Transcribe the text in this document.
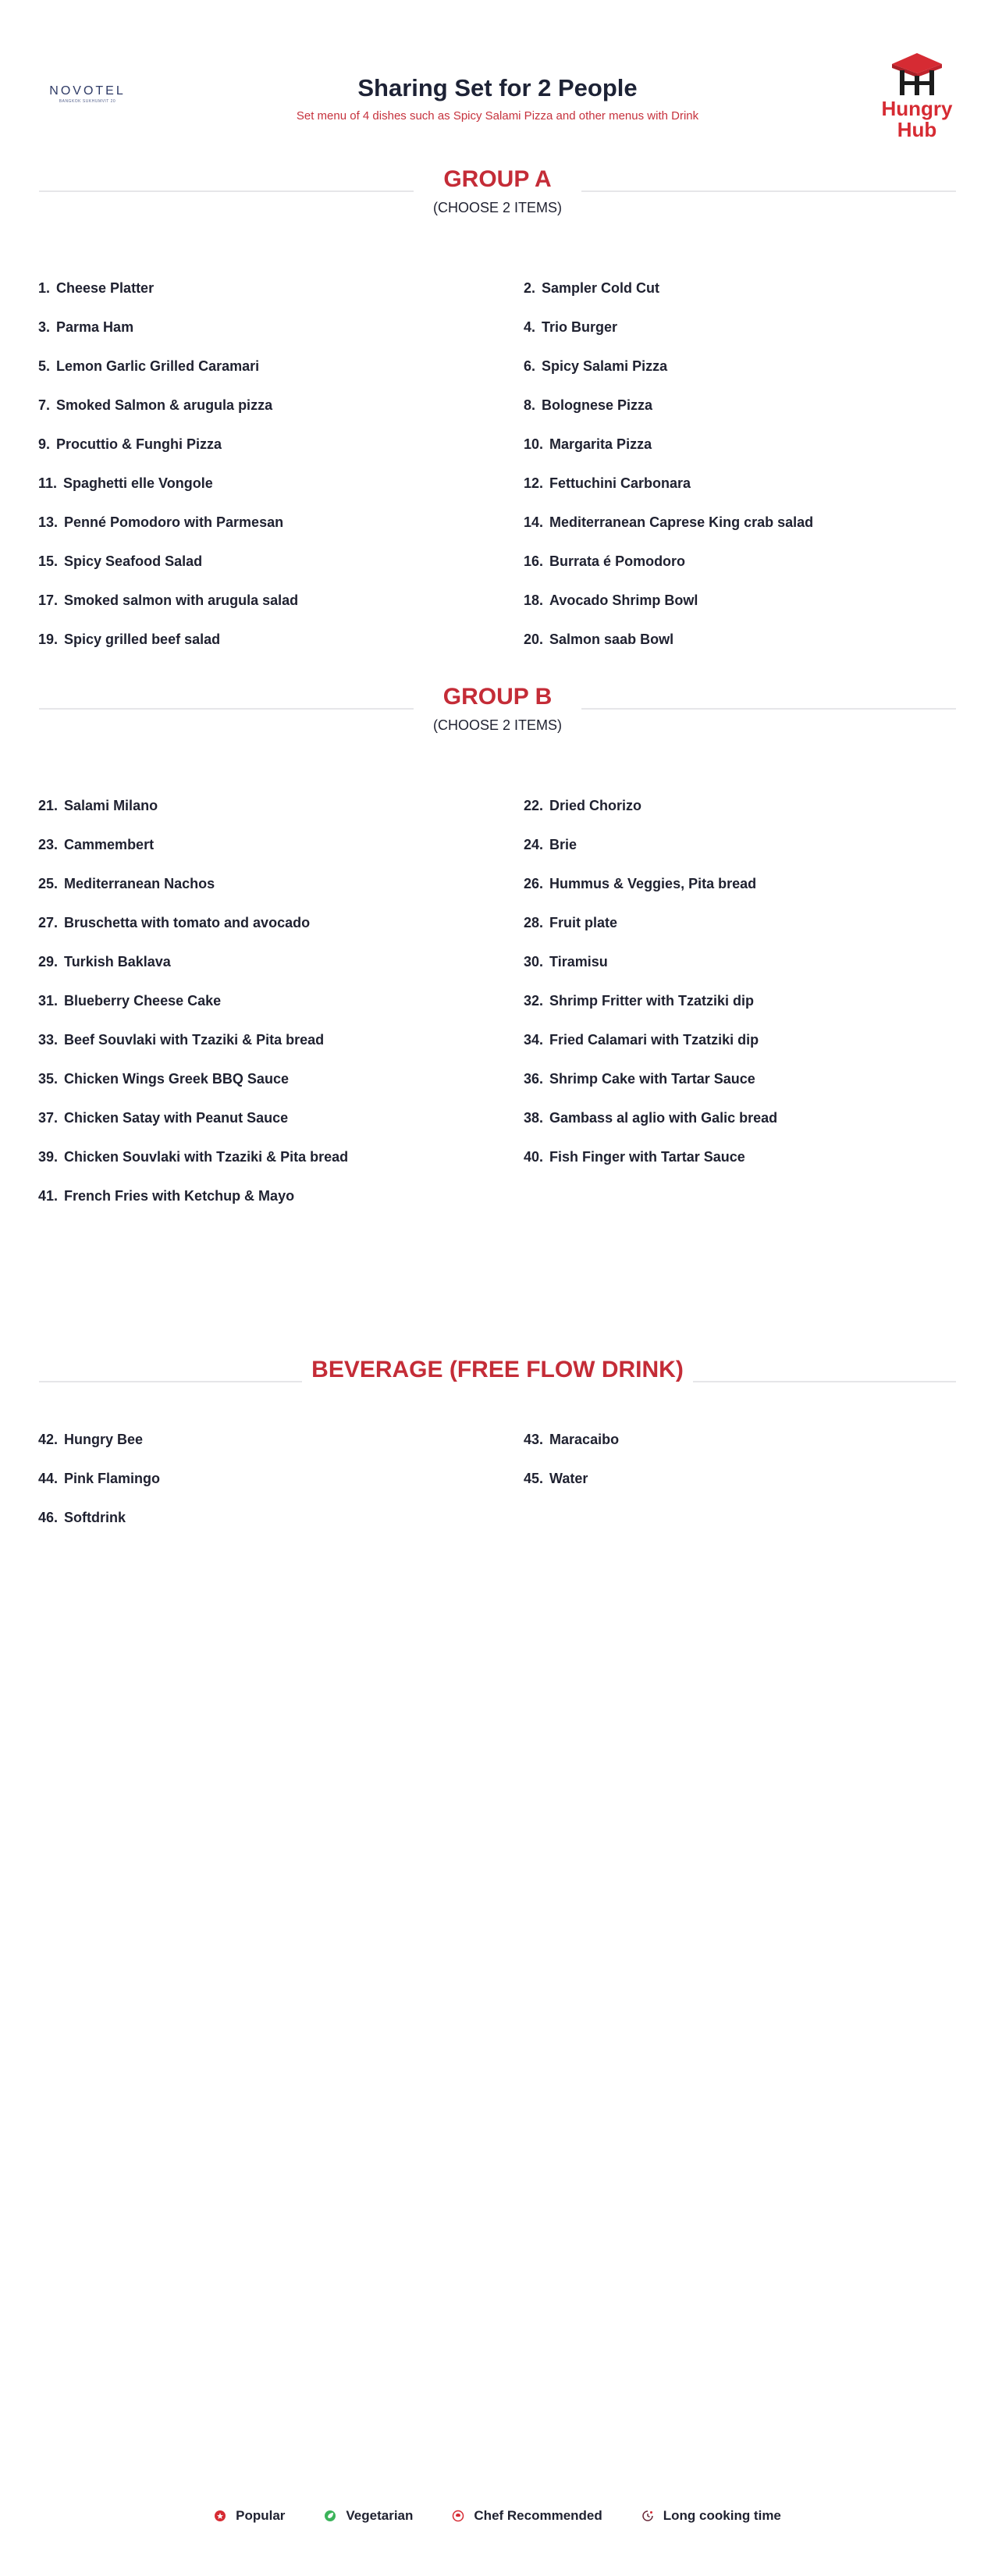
NOVOTEL
BANGKOK SUKHUMVIT 20	Sharing Set for 2 People
Set menu of 4 dishes such as Spicy Salami Pizza and other menus with Drink	Hungry
Hub
GROUP A
(CHOOSE 2 ITEMS)
1. Cheese Platter	2. Sampler Cold Cut
3. Parma Ham	4. Trio Burger
5. Lemon Garlic Grilled Caramari	6. Spicy Salami Pizza
7. Smoked Salmon & arugula pizza	8. Bolognese Pizza
9. Procuttio & Funghi Pizza	10. Margarita Pizza
11. Spaghetti elle Vongole	12. Fettuchini Carbonara
13. Penné Pomodoro with Parmesan	14. Mediterranean Caprese King crab salad
15. Spicy Seafood Salad	16. Burrata é Pomodoro
17. Smoked salmon with arugula salad	18. Avocado Shrimp Bowl
19. Spicy grilled beef salad	20. Salmon saab Bowl
GROUP B
(CHOOSE 2 ITEMS)
21. Salami Milano	22. Dried Chorizo
23. Cammembert	24. Brie
25. Mediterranean Nachos	26. Hummus & Veggies, Pita bread
27. Bruschetta with tomato and avocado	28. Fruit plate
29. Turkish Baklava	30. Tiramisu
31. Blueberry Cheese Cake	32. Shrimp Fritter with Tzatziki dip
33. Beef Souvlaki with Tzaziki & Pita bread	34. Fried Calamari with Tzatziki dip
35. Chicken Wings Greek BBQ Sauce	36. Shrimp Cake with Tartar Sauce
37. Chicken Satay with Peanut Sauce	38. Gambass al aglio with Galic bread
39. Chicken Souvlaki with Tzaziki & Pita bread	40. Fish Finger with Tartar Sauce
41. French Fries with Ketchup & Mayo
BEVERAGE (FREE FLOW DRINK)
42. Hungry Bee	43. Maracaibo
44. Pink Flamingo	45. Water
46. Softdrink
Popular	Vegetarian	Chef Recommended	Long cooking time
